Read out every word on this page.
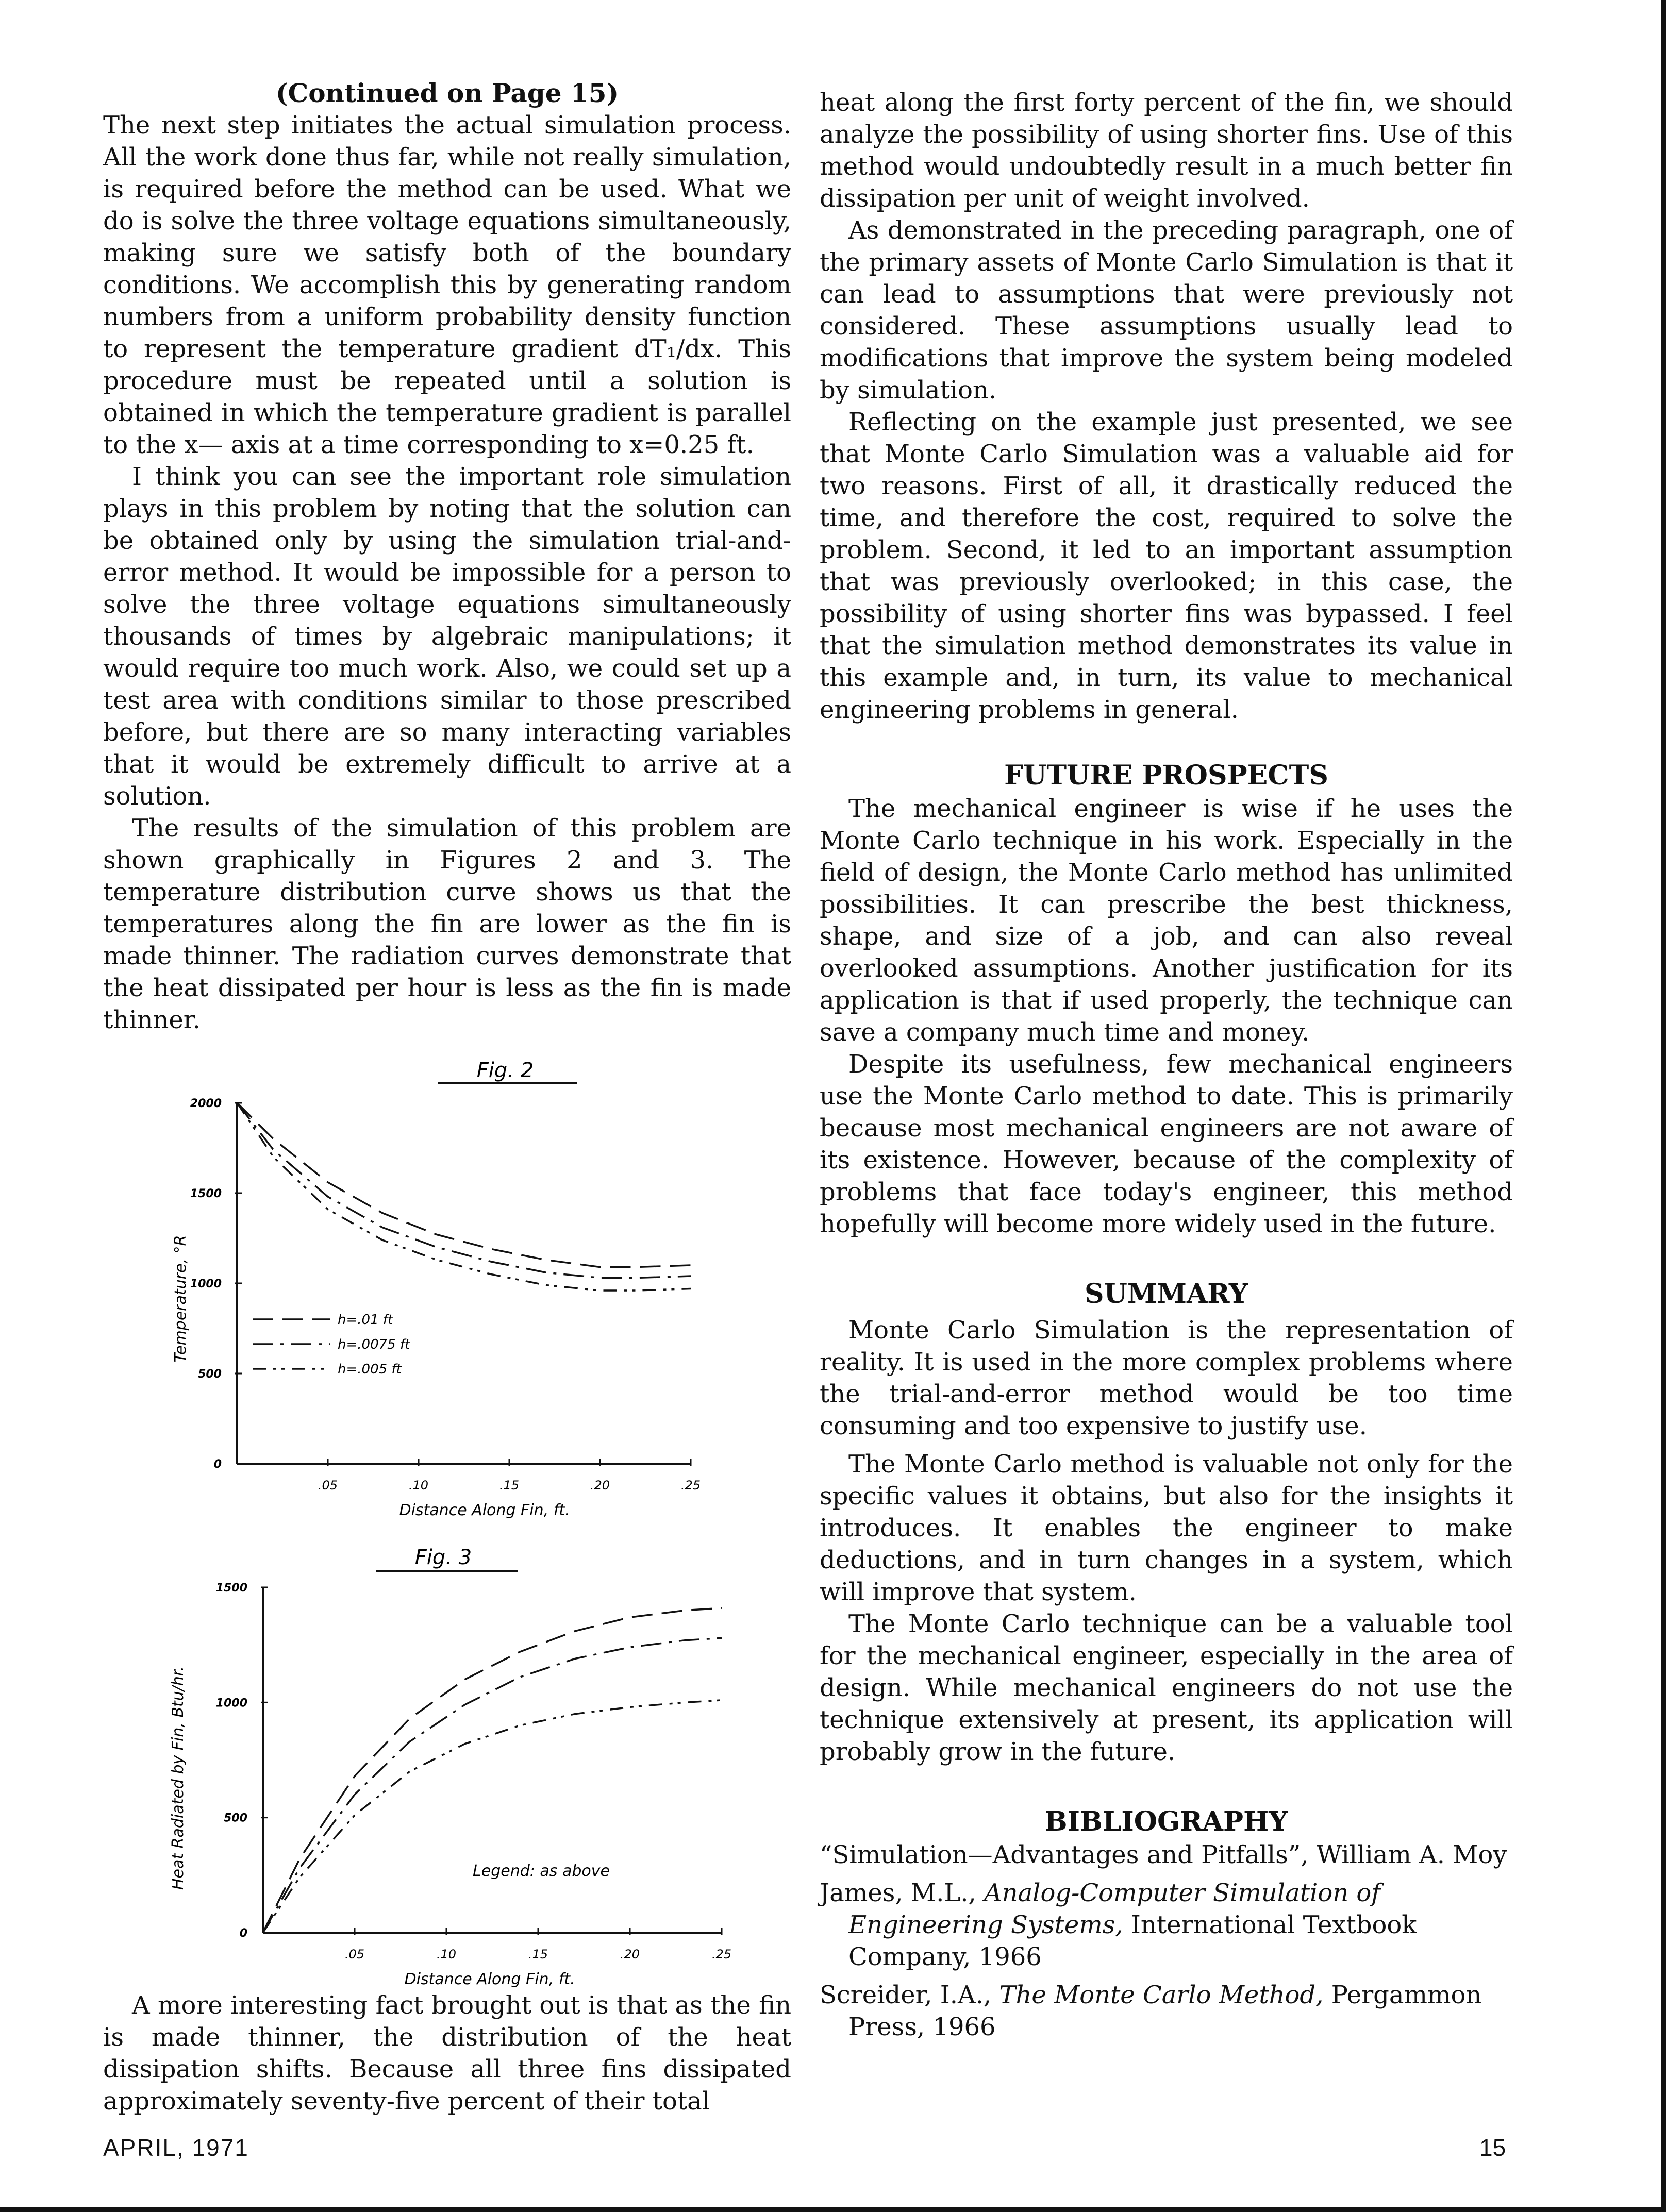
(Continued on Page 15)

The next step initiates the actual simulation process. All the work done thus far, while not really simulation, is required before the method can be used. What we do is solve the three voltage equations simultaneously, making sure we satisfy both of the boundary conditions. We accomplish this by generating random numbers from a uniform probability density function to represent the temperature gradient dT₁/dx. This procedure must be repeated until a solution is obtained in which the temperature gradient is parallel to the x— axis at a time corresponding to x=0.25 ft.

I think you can see the important role simulation plays in this problem by noting that the solution can be obtained only by using the simulation trial-and-error method. It would be impossible for a person to solve the three voltage equations simultaneously thousands of times by algebraic manipulations; it would require too much work. Also, we could set up a test area with conditions similar to those prescribed before, but there are so many interacting variables that it would be extremely difficult to arrive at a solution.

The results of the simulation of this problem are shown graphically in Figures 2 and 3. The temperature distribution curve shows us that the temperatures along the fin are lower as the fin is made thinner. The radiation curves demonstrate that the heat dissipated per hour is less as the fin is made thinner.

Fig. 2
.05	.10	.15	.20	.25
0
500
1000
1500
2000
h=.01 ft
h=.0075 ft
h=.005 ft
Distance Along Fin, ft.
Temperature, °R
Fig. 3
.05	.10	.15	.20	.25
0
500
1000
1500
Legend: as above
Distance Along Fin, ft.
Heat Radiated by Fin, Btu/hr.

A more interesting fact brought out is that as the fin is made thinner, the distribution of the heat dissipation shifts. Because all three fins dissipated approximately seventy-five percent of their total

heat along the first forty percent of the fin, we should analyze the possibility of using shorter fins. Use of this method would undoubtedly result in a much better fin dissipation per unit of weight involved.

As demonstrated in the preceding paragraph, one of the primary assets of Monte Carlo Simulation is that it can lead to assumptions that were previously not considered. These assumptions usually lead to modifications that improve the system being modeled by simulation.

Reflecting on the example just presented, we see that Monte Carlo Simulation was a valuable aid for two reasons. First of all, it drastically reduced the time, and therefore the cost, required to solve the problem. Second, it led to an important assumption that was previously overlooked; in this case, the possibility of using shorter fins was bypassed. I feel that the simulation method demonstrates its value in this example and, in turn, its value to mechanical engineering problems in general.

FUTURE PROSPECTS

The mechanical engineer is wise if he uses the Monte Carlo technique in his work. Especially in the field of design, the Monte Carlo method has unlimited possibilities. It can prescribe the best thickness, shape, and size of a job, and can also reveal overlooked assumptions. Another justification for its application is that if used properly, the technique can save a company much time and money.

Despite its usefulness, few mechanical engineers use the Monte Carlo method to date. This is primarily because most mechanical engineers are not aware of its existence. However, because of the complexity of problems that face today's engineer, this method hopefully will become more widely used in the future.

SUMMARY

Monte Carlo Simulation is the representation of reality. It is used in the more complex problems where the trial-and-error method would be too time consuming and too expensive to justify use.

The Monte Carlo method is valuable not only for the specific values it obtains, but also for the insights it introduces. It enables the engineer to make deductions, and in turn changes in a system, which will improve that system.

The Monte Carlo technique can be a valuable tool for the mechanical engineer, especially in the area of design. While mechanical engineers do not use the technique extensively at present, its application will probably grow in the future.

BIBLIOGRAPHY

“Simulation—Advantages and Pitfalls”, William A. Moy

James, M.L., Analog-Computer Simulation of Engineering Systems, International Textbook Company, 1966

Screider, I.A., The Monte Carlo Method, Pergammon Press, 1966

APRIL, 1971	15
